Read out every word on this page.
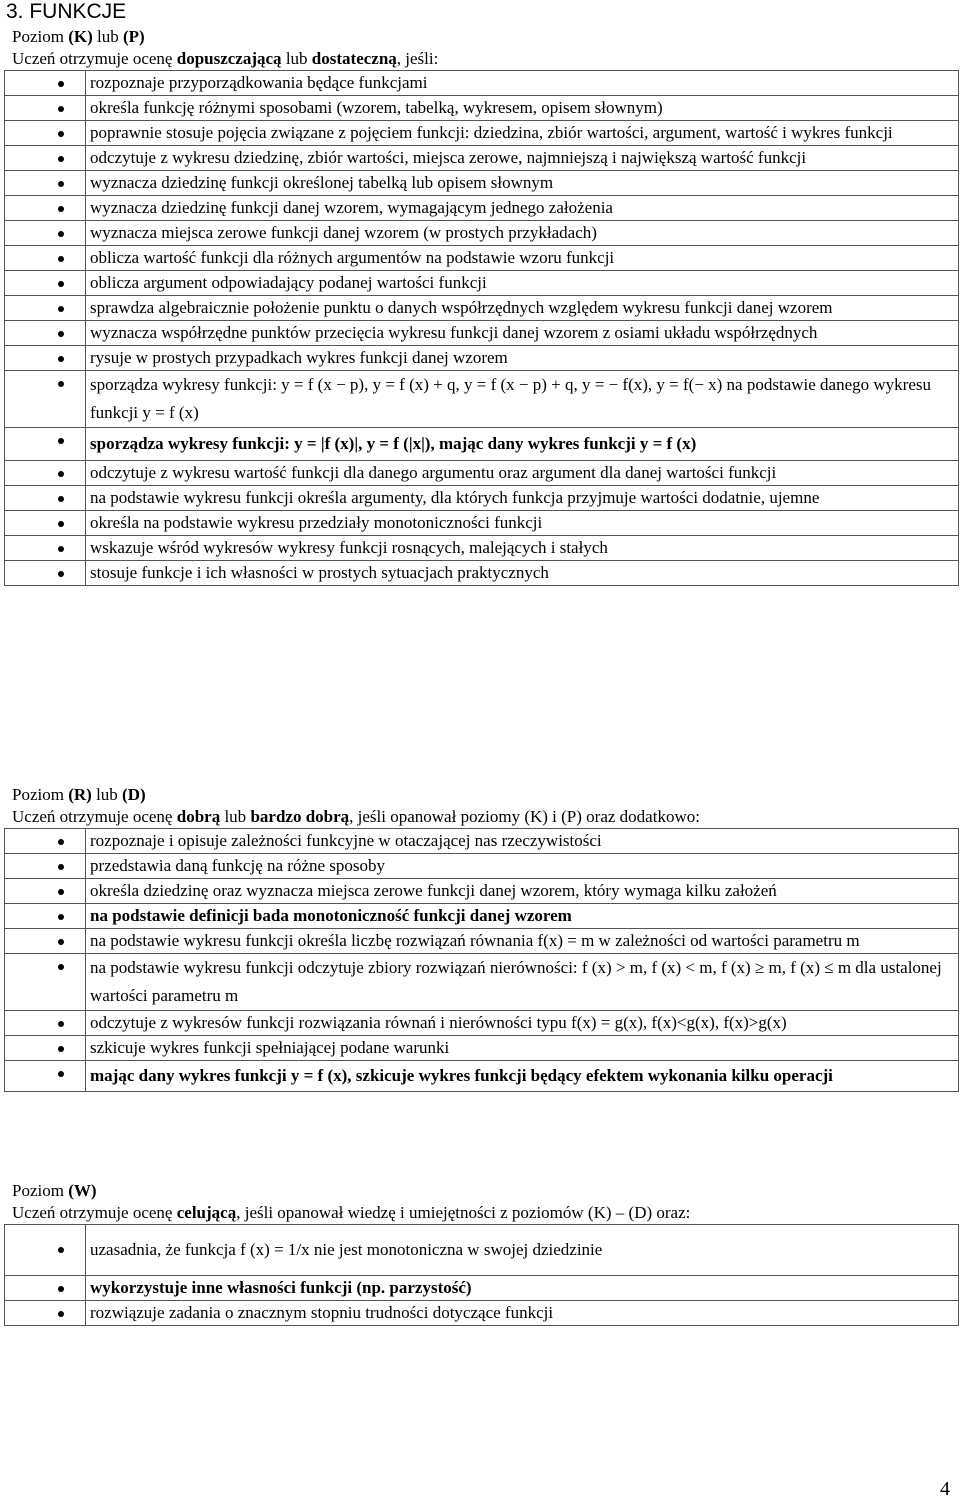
3. FUNKCJE
Poziom (K) lub (P)
Uczeń otrzymuje ocenę dopuszczającą lub dostateczną, jeśli:
	rozpoznaje przyporządkowania będące funkcjami

	określa funkcję różnymi sposobami (wzorem, tabelką, wykresem, opisem słownym)

	poprawnie stosuje pojęcia związane z pojęciem funkcji: dziedzina, zbiór wartości, argument, wartość i wykres funkcji

	odczytuje z wykresu dziedzinę, zbiór wartości, miejsca zerowe, najmniejszą i największą wartość funkcji

	wyznacza dziedzinę funkcji określonej tabelką lub opisem słownym

	wyznacza dziedzinę funkcji danej wzorem, wymagającym jednego założenia

	wyznacza miejsca zerowe funkcji danej wzorem (w prostych przykładach)

	oblicza wartość funkcji dla różnych argumentów na podstawie wzoru funkcji

	oblicza argument odpowiadający podanej wartości funkcji

	sprawdza algebraicznie położenie punktu o danych współrzędnych względem wykresu funkcji danej wzorem

	wyznacza współrzędne punktów przecięcia wykresu funkcji danej wzorem z osiami układu współrzędnych

	rysuje w prostych przypadkach wykres funkcji danej wzorem

	sporządza wykresy funkcji: y = f (x − p), y = f (x) + q, y = f (x − p) + q, y = − f(x), y = f(− x) na podstawie danego wykresu funkcji y = f (x)

	sporządza wykresy funkcji: y = |f (x)|, y = f (|x|), mając dany wykres funkcji y = f (x)

	odczytuje z wykresu wartość funkcji dla danego argumentu oraz argument dla danej wartości funkcji

	na podstawie wykresu funkcji określa argumenty, dla których funkcja przyjmuje wartości dodatnie, ujemne

	określa na podstawie wykresu przedziały monotoniczności funkcji

	wskazuje wśród wykresów wykresy funkcji rosnących, malejących i stałych

	stosuje funkcje i ich własności w prostych sytuacjach praktycznych
Poziom (R) lub (D)
Uczeń otrzymuje ocenę dobrą lub bardzo dobrą, jeśli opanował poziomy (K) i (P) oraz dodatkowo:
	rozpoznaje i opisuje zależności funkcyjne w otaczającej nas rzeczywistości

	przedstawia daną funkcję na różne sposoby

	określa dziedzinę oraz wyznacza miejsca zerowe funkcji danej wzorem, który wymaga kilku założeń

	na podstawie definicji bada monotoniczność funkcji danej wzorem

	na podstawie wykresu funkcji określa liczbę rozwiązań równania f(x) = m w zależności od wartości parametru m

	na podstawie wykresu funkcji odczytuje zbiory rozwiązań nierówności: f (x) > m, f (x) < m, f (x) ≥ m, f (x) ≤ m dla ustalonej wartości parametru m

	odczytuje z wykresów funkcji rozwiązania równań i nierówności typu f(x) = g(x), f(x)<g(x), f(x)>g(x)

	szkicuje wykres funkcji spełniającej podane warunki

	mając dany wykres funkcji y = f (x), szkicuje wykres funkcji będący efektem wykonania kilku operacji
Poziom (W)
Uczeń otrzymuje ocenę celującą, jeśli opanował wiedzę i umiejętności z poziomów (K) – (D) oraz:
	uzasadnia, że funkcja f (x) = 1/x nie jest monotoniczna w swojej dziedzinie

	wykorzystuje inne własności funkcji (np. parzystość)

	rozwiązuje zadania o znacznym stopniu trudności dotyczące funkcji
4
